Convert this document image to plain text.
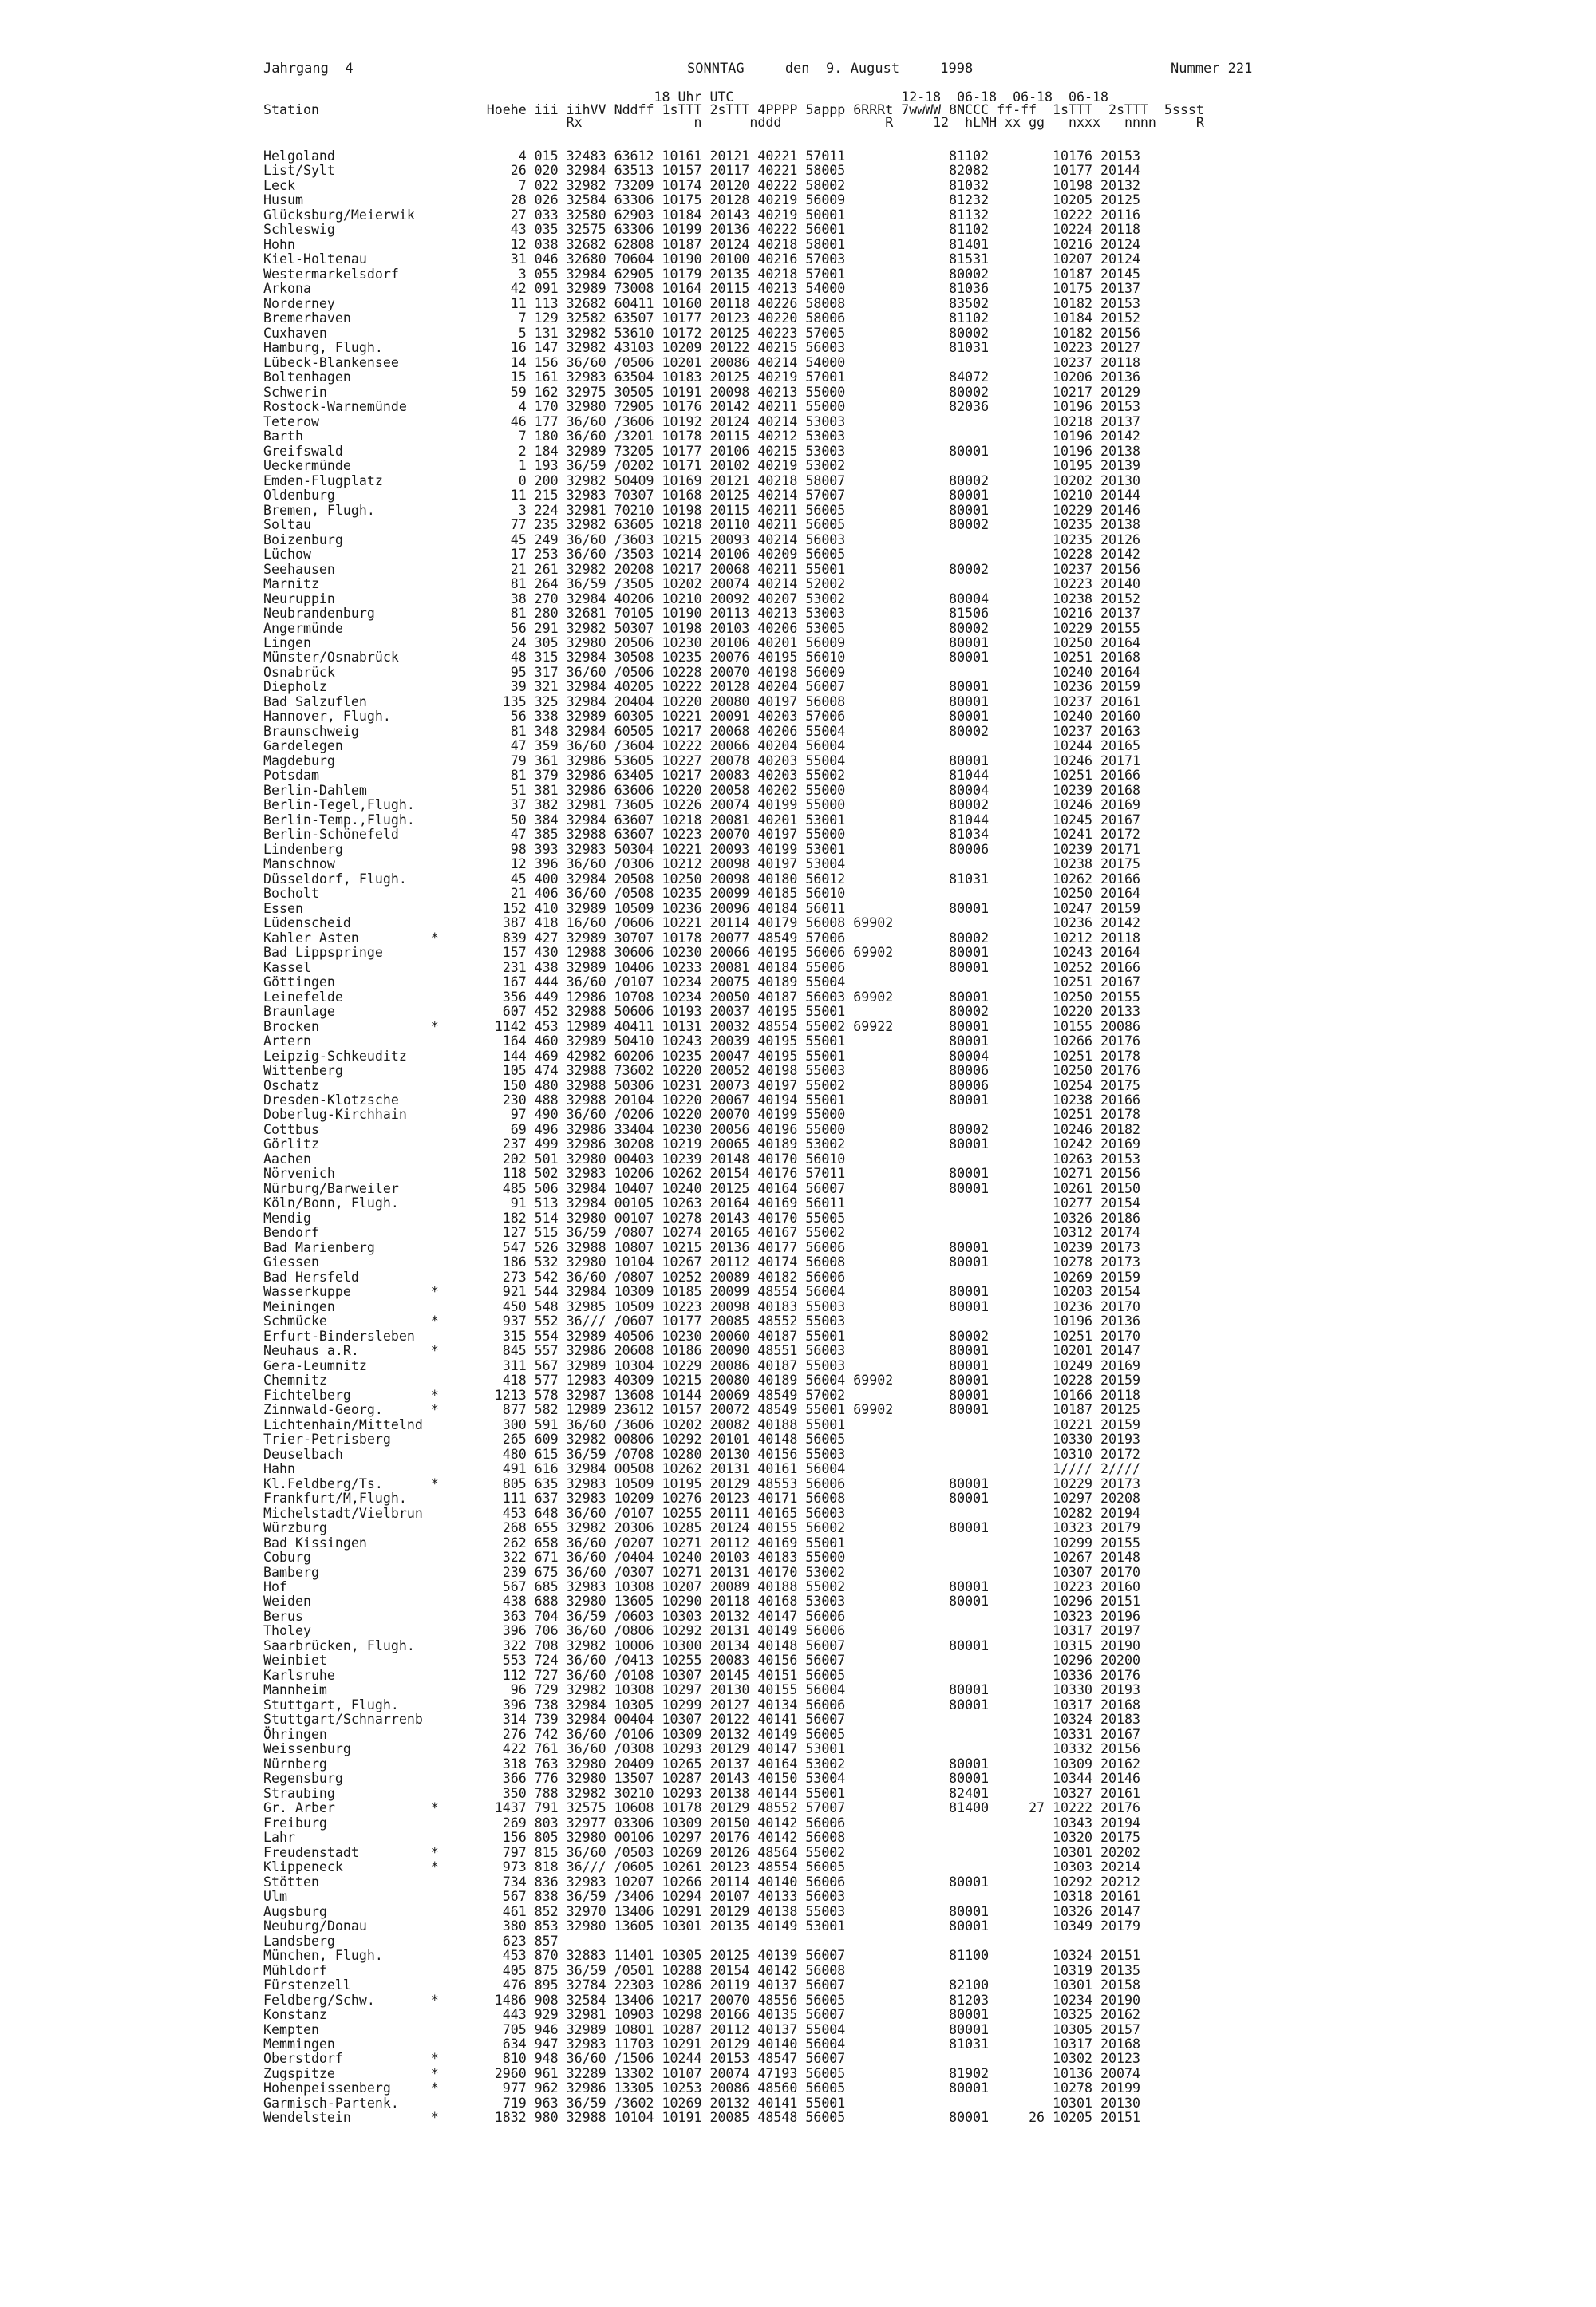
Jahrgang  4	SONNTAG     den  9. August     1998	Nummer 221
18 Uhr UTC                     12-18  06-18  06-18  06-18
Station                     Hoehe iii iihVV Nddff 1sTTT 2sTTT 4PPPP 5appp 6RRRt 7wwWW 8NCCC ff-ff  1sTTT  2sTTT  5ssst
Rx              n      nddd             R     12  hLMH xx gg   nxxx   nnnn     R
Helgoland                       4 015 32483 63612 10161 20121 40221 57011             81102        10176 20153
List/Sylt                      26 020 32984 63513 10157 20117 40221 58005             82082        10177 20144
Leck                            7 022 32982 73209 10174 20120 40222 58002             81032        10198 20132
Husum                          28 026 32584 63306 10175 20128 40219 56009             81232        10205 20125
Glücksburg/Meierwik            27 033 32580 62903 10184 20143 40219 50001             81132        10222 20116
Schleswig                      43 035 32575 63306 10199 20136 40222 56001             81102        10224 20118
Hohn                           12 038 32682 62808 10187 20124 40218 58001             81401        10216 20124
Kiel-Holtenau                  31 046 32680 70604 10190 20100 40216 57003             81531        10207 20124
Westermarkelsdorf               3 055 32984 62905 10179 20135 40218 57001             80002        10187 20145
Arkona                         42 091 32989 73008 10164 20115 40213 54000             81036        10175 20137
Norderney                      11 113 32682 60411 10160 20118 40226 58008             83502        10182 20153
Bremerhaven                     7 129 32582 63507 10177 20123 40220 58006             81102        10184 20152
Cuxhaven                        5 131 32982 53610 10172 20125 40223 57005             80002        10182 20156
Hamburg, Flugh.                16 147 32982 43103 10209 20122 40215 56003             81031        10223 20127
Lübeck-Blankensee              14 156 36/60 /0506 10201 20086 40214 54000                          10237 20118
Boltenhagen                    15 161 32983 63504 10183 20125 40219 57001             84072        10206 20136
Schwerin                       59 162 32975 30505 10191 20098 40213 55000             80002        10217 20129
Rostock-Warnemünde              4 170 32980 72905 10176 20142 40211 55000             82036        10196 20153
Teterow                        46 177 36/60 /3606 10192 20124 40214 53003                          10218 20137
Barth                           7 180 36/60 /3201 10178 20115 40212 53003                          10196 20142
Greifswald                      2 184 32989 73205 10177 20106 40215 53003             80001        10196 20138
Ueckermünde                     1 193 36/59 /0202 10171 20102 40219 53002                          10195 20139
Emden-Flugplatz                 0 200 32982 50409 10169 20121 40218 58007             80002        10202 20130
Oldenburg                      11 215 32983 70307 10168 20125 40214 57007             80001        10210 20144
Bremen, Flugh.                  3 224 32981 70210 10198 20115 40211 56005             80001        10229 20146
Soltau                         77 235 32982 63605 10218 20110 40211 56005             80002        10235 20138
Boizenburg                     45 249 36/60 /3603 10215 20093 40214 56003                          10235 20126
Lüchow                         17 253 36/60 /3503 10214 20106 40209 56005                          10228 20142
Seehausen                      21 261 32982 20208 10217 20068 40211 55001             80002        10237 20156
Marnitz                        81 264 36/59 /3505 10202 20074 40214 52002                          10223 20140
Neuruppin                      38 270 32984 40206 10210 20092 40207 53002             80004        10238 20152
Neubrandenburg                 81 280 32681 70105 10190 20113 40213 53003             81506        10216 20137
Angermünde                     56 291 32982 50307 10198 20103 40206 53005             80002        10229 20155
Lingen                         24 305 32980 20506 10230 20106 40201 56009             80001        10250 20164
Münster/Osnabrück              48 315 32984 30508 10235 20076 40195 56010             80001        10251 20168
Osnabrück                      95 317 36/60 /0506 10228 20070 40198 56009                          10240 20164
Diepholz                       39 321 32984 40205 10222 20128 40204 56007             80001        10236 20159
Bad Salzuflen                 135 325 32984 20404 10220 20080 40197 56008             80001        10237 20161
Hannover, Flugh.               56 338 32989 60305 10221 20091 40203 57006             80001        10240 20160
Braunschweig                   81 348 32984 60505 10217 20068 40206 55004             80002        10237 20163
Gardelegen                     47 359 36/60 /3604 10222 20066 40204 56004                          10244 20165
Magdeburg                      79 361 32986 53605 10227 20078 40203 55004             80001        10246 20171
Potsdam                        81 379 32986 63405 10217 20083 40203 55002             81044        10251 20166
Berlin-Dahlem                  51 381 32986 63606 10220 20058 40202 55000             80004        10239 20168
Berlin-Tegel,Flugh.            37 382 32981 73605 10226 20074 40199 55000             80002        10246 20169
Berlin-Temp.,Flugh.            50 384 32984 63607 10218 20081 40201 53001             81044        10245 20167
Berlin-Schönefeld              47 385 32988 63607 10223 20070 40197 55000             81034        10241 20172
Lindenberg                     98 393 32983 50304 10221 20093 40199 53001             80006        10239 20171
Manschnow                      12 396 36/60 /0306 10212 20098 40197 53004                          10238 20175
Düsseldorf, Flugh.             45 400 32984 20508 10250 20098 40180 56012             81031        10262 20166
Bocholt                        21 406 36/60 /0508 10235 20099 40185 56010                          10250 20164
Essen                         152 410 32989 10509 10236 20096 40184 56011             80001        10247 20159
Lüdenscheid                   387 418 16/60 /0606 10221 20114 40179 56008 69902                    10236 20142
Kahler Asten         *        839 427 32989 30707 10178 20077 48549 57006             80002        10212 20118
Bad Lippspringe               157 430 12988 30606 10230 20066 40195 56006 69902       80001        10243 20164
Kassel                        231 438 32989 10406 10233 20081 40184 55006             80001        10252 20166
Göttingen                     167 444 36/60 /0107 10234 20075 40189 55004                          10251 20167
Leinefelde                    356 449 12986 10708 10234 20050 40187 56003 69902       80001        10250 20155
Braunlage                     607 452 32988 50606 10193 20037 40195 55001             80002        10220 20133
Brocken              *       1142 453 12989 40411 10131 20032 48554 55002 69922       80001        10155 20086
Artern                        164 460 32989 50410 10243 20039 40195 55001             80001        10266 20176
Leipzig-Schkeuditz            144 469 42982 60206 10235 20047 40195 55001             80004        10251 20178
Wittenberg                    105 474 32988 73602 10220 20052 40198 55003             80006        10250 20176
Oschatz                       150 480 32988 50306 10231 20073 40197 55002             80006        10254 20175
Dresden-Klotzsche             230 488 32988 20104 10220 20067 40194 55001             80001        10238 20166
Doberlug-Kirchhain             97 490 36/60 /0206 10220 20070 40199 55000                          10251 20178
Cottbus                        69 496 32986 33404 10230 20056 40196 55000             80002        10246 20182
Görlitz                       237 499 32986 30208 10219 20065 40189 53002             80001        10242 20169
Aachen                        202 501 32980 00403 10239 20148 40170 56010                          10263 20153
Nörvenich                     118 502 32983 10206 10262 20154 40176 57011             80001        10271 20156
Nürburg/Barweiler             485 506 32984 10407 10240 20125 40164 56007             80001        10261 20150
Köln/Bonn, Flugh.              91 513 32984 00105 10263 20164 40169 56011                          10277 20154
Mendig                        182 514 32980 00107 10278 20143 40170 55005                          10326 20186
Bendorf                       127 515 36/59 /0807 10274 20165 40167 55002                          10312 20174
Bad Marienberg                547 526 32988 10807 10215 20136 40177 56006             80001        10239 20173
Giessen                       186 532 32980 10104 10267 20112 40174 56008             80001        10278 20173
Bad Hersfeld                  273 542 36/60 /0807 10252 20089 40182 56006                          10269 20159
Wasserkuppe          *        921 544 32984 10309 10185 20099 48554 56004             80001        10203 20154
Meiningen                     450 548 32985 10509 10223 20098 40183 55003             80001        10236 20170
Schmücke             *        937 552 36/// /0607 10177 20085 48552 55003                          10196 20136
Erfurt-Bindersleben           315 554 32989 40506 10230 20060 40187 55001             80002        10251 20170
Neuhaus a.R.         *        845 557 32986 20608 10186 20090 48551 56003             80001        10201 20147
Gera-Leumnitz                 311 567 32989 10304 10229 20086 40187 55003             80001        10249 20169
Chemnitz                      418 577 12983 40309 10215 20080 40189 56004 69902       80001        10228 20159
Fichtelberg          *       1213 578 32987 13608 10144 20069 48549 57002             80001        10166 20118
Zinnwald-Georg.      *        877 582 12989 23612 10157 20072 48549 55001 69902       80001        10187 20125
Lichtenhain/Mittelnd          300 591 36/60 /3606 10202 20082 40188 55001                          10221 20159
Trier-Petrisberg              265 609 32982 00806 10292 20101 40148 56005                          10330 20193
Deuselbach                    480 615 36/59 /0708 10280 20130 40156 55003                          10310 20172
Hahn                          491 616 32984 00508 10262 20131 40161 56004                          1//// 2////
Kl.Feldberg/Ts.      *        805 635 32983 10509 10195 20129 48553 56006             80001        10229 20173
Frankfurt/M,Flugh.            111 637 32983 10209 10276 20123 40171 56008             80001        10297 20208
Michelstadt/Vielbrun          453 648 36/60 /0107 10255 20111 40165 56003                          10282 20194
Würzburg                      268 655 32982 20306 10285 20124 40155 56002             80001        10323 20179
Bad Kissingen                 262 658 36/60 /0207 10271 20112 40169 55001                          10299 20155
Coburg                        322 671 36/60 /0404 10240 20103 40183 55000                          10267 20148
Bamberg                       239 675 36/60 /0307 10271 20131 40170 53002                          10307 20170
Hof                           567 685 32983 10308 10207 20089 40188 55002             80001        10223 20160
Weiden                        438 688 32980 13605 10290 20118 40168 53003             80001        10296 20151
Berus                         363 704 36/59 /0603 10303 20132 40147 56006                          10323 20196
Tholey                        396 706 36/60 /0806 10292 20131 40149 56006                          10317 20197
Saarbrücken, Flugh.           322 708 32982 10006 10300 20134 40148 56007             80001        10315 20190
Weinbiet                      553 724 36/60 /0413 10255 20083 40156 56007                          10296 20200
Karlsruhe                     112 727 36/60 /0108 10307 20145 40151 56005                          10336 20176
Mannheim                       96 729 32982 10308 10297 20130 40155 56004             80001        10330 20193
Stuttgart, Flugh.             396 738 32984 10305 10299 20127 40134 56006             80001        10317 20168
Stuttgart/Schnarrenb          314 739 32984 00404 10307 20122 40141 56007                          10324 20183
Öhringen                      276 742 36/60 /0106 10309 20132 40149 56005                          10331 20167
Weissenburg                   422 761 36/60 /0308 10293 20129 40147 53001                          10332 20156
Nürnberg                      318 763 32980 20409 10265 20137 40164 53002             80001        10309 20162
Regensburg                    366 776 32980 13507 10287 20143 40150 53004             80001        10344 20146
Straubing                     350 788 32982 30210 10293 20138 40144 55001             82401        10327 20161
Gr. Arber            *       1437 791 32575 10608 10178 20129 48552 57007             81400     27 10222 20176
Freiburg                      269 803 32977 03306 10309 20150 40142 56006                          10343 20194
Lahr                          156 805 32980 00106 10297 20176 40142 56008                          10320 20175
Freudenstadt         *        797 815 36/60 /0503 10269 20126 48564 55002                          10301 20202
Klippeneck           *        973 818 36/// /0605 10261 20123 48554 56005                          10303 20214
Stötten                       734 836 32983 10207 10266 20114 40140 56006             80001        10292 20212
Ulm                           567 838 36/59 /3406 10294 20107 40133 56003                          10318 20161
Augsburg                      461 852 32970 13406 10291 20129 40138 55003             80001        10326 20147
Neuburg/Donau                 380 853 32980 13605 10301 20135 40149 53001             80001        10349 20179
Landsberg                     623 857
München, Flugh.               453 870 32883 11401 10305 20125 40139 56007             81100        10324 20151
Mühldorf                      405 875 36/59 /0501 10288 20154 40142 56008                          10319 20135
Fürstenzell                   476 895 32784 22303 10286 20119 40137 56007             82100        10301 20158
Feldberg/Schw.       *       1486 908 32584 13406 10217 20070 48556 56005             81203        10234 20190
Konstanz                      443 929 32981 10903 10298 20166 40135 56007             80001        10325 20162
Kempten                       705 946 32989 10801 10287 20112 40137 55004             80001        10305 20157
Memmingen                     634 947 32983 11703 10291 20129 40140 56004             81031        10317 20168
Oberstdorf           *        810 948 36/60 /1506 10244 20153 48547 56007                          10302 20123
Zugspitze            *       2960 961 32289 13302 10107 20074 47193 56005             81902        10136 20074
Hohenpeissenberg     *        977 962 32986 13305 10253 20086 48560 56005             80001        10278 20199
Garmisch-Partenk.             719 963 36/59 /3602 10269 20132 40141 55001                          10301 20130
Wendelstein          *       1832 980 32988 10104 10191 20085 48548 56005             80001     26 10205 20151
